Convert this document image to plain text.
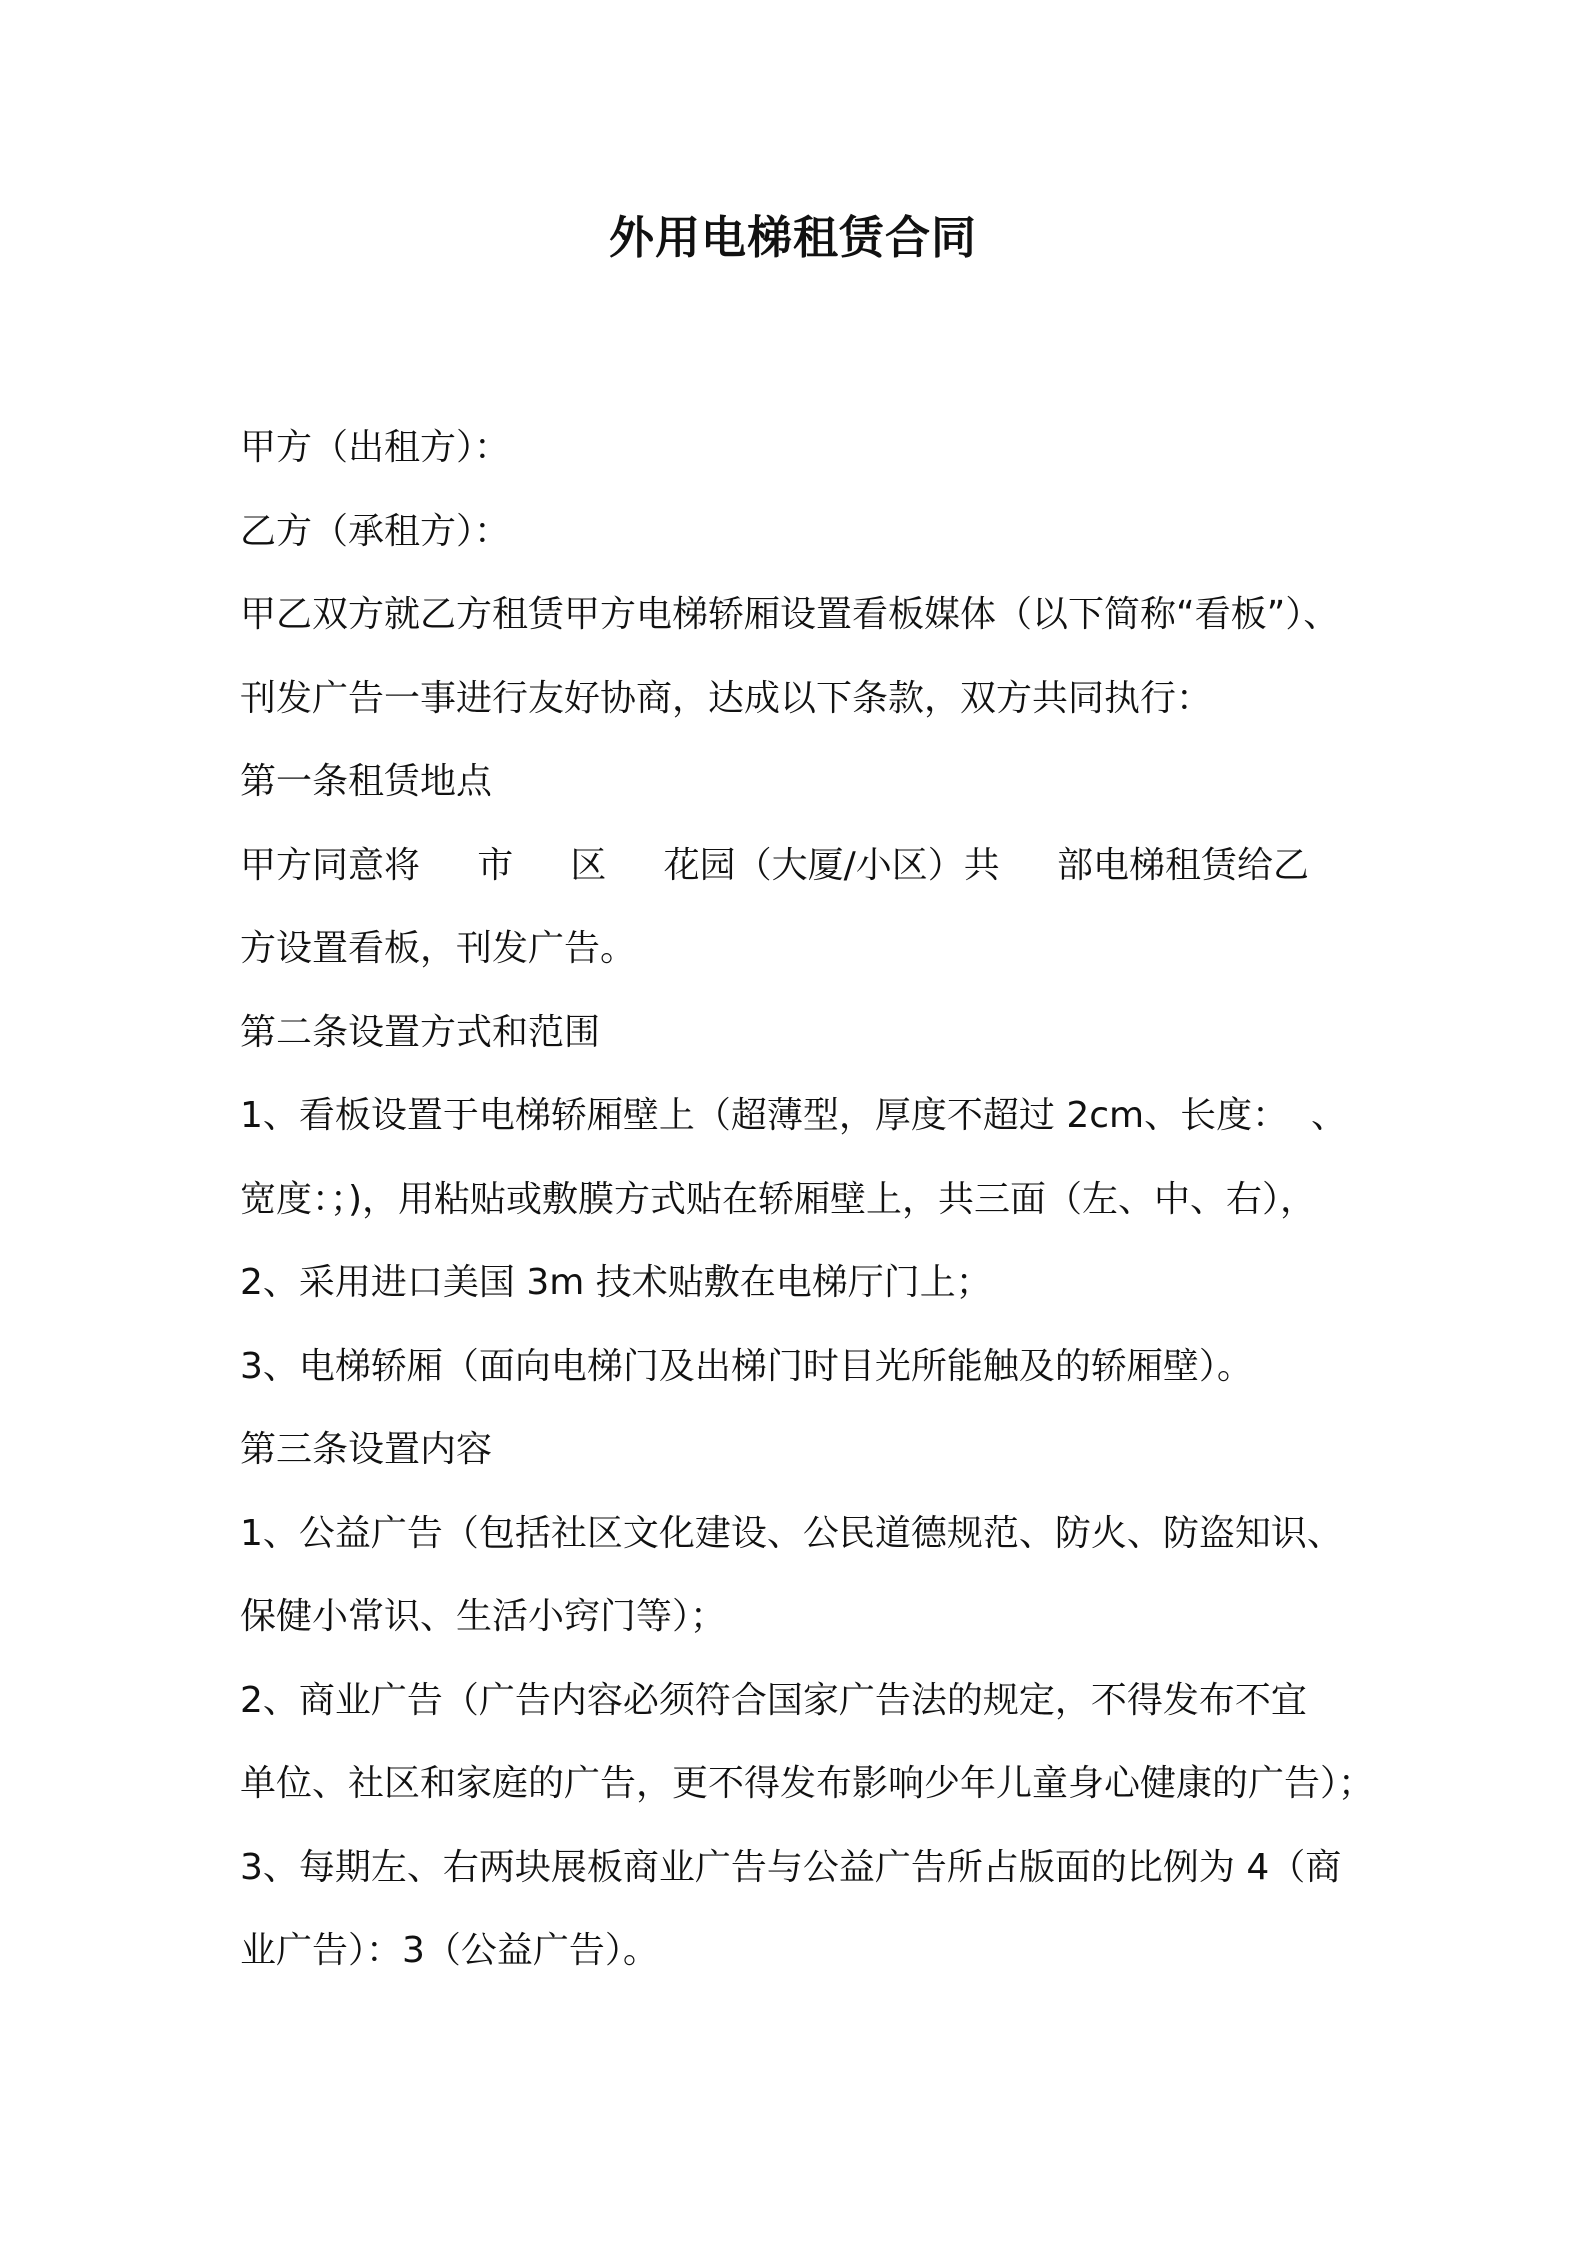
外用电梯租赁合同
甲方（出租方）：
乙方（承租方）：
甲乙双方就乙方租赁甲方电梯轿厢设置看板媒体（以下简称“看板”）、
刊发广告一事进行友好协商，达成以下条款，双方共同执行：
第一条租赁地点
甲方同意将     市     区     花园（大厦/小区）共     部电梯租赁给乙
方设置看板，刊发广告。
第二条设置方式和范围
1、看板设置于电梯轿厢壁上（超薄型，厚度不超过 2cm、长度：  、
宽度：；)，用粘贴或敷膜方式贴在轿厢壁上，共三面（左、中、右），
2、采用进口美国 3m 技术贴敷在电梯厅门上；
3、电梯轿厢（面向电梯门及出梯门时目光所能触及的轿厢壁）。
第三条设置内容
1、公益广告（包括社区文化建设、公民道德规范、防火、防盗知识、
保健小常识、生活小窍门等）；
2、商业广告（广告内容必须符合国家广告法的规定，不得发布不宜
单位、社区和家庭的广告，更不得发布影响少年儿童身心健康的广告）；
3、每期左、右两块展板商业广告与公益广告所占版面的比例为 4（商
业广告）：3（公益广告）。
